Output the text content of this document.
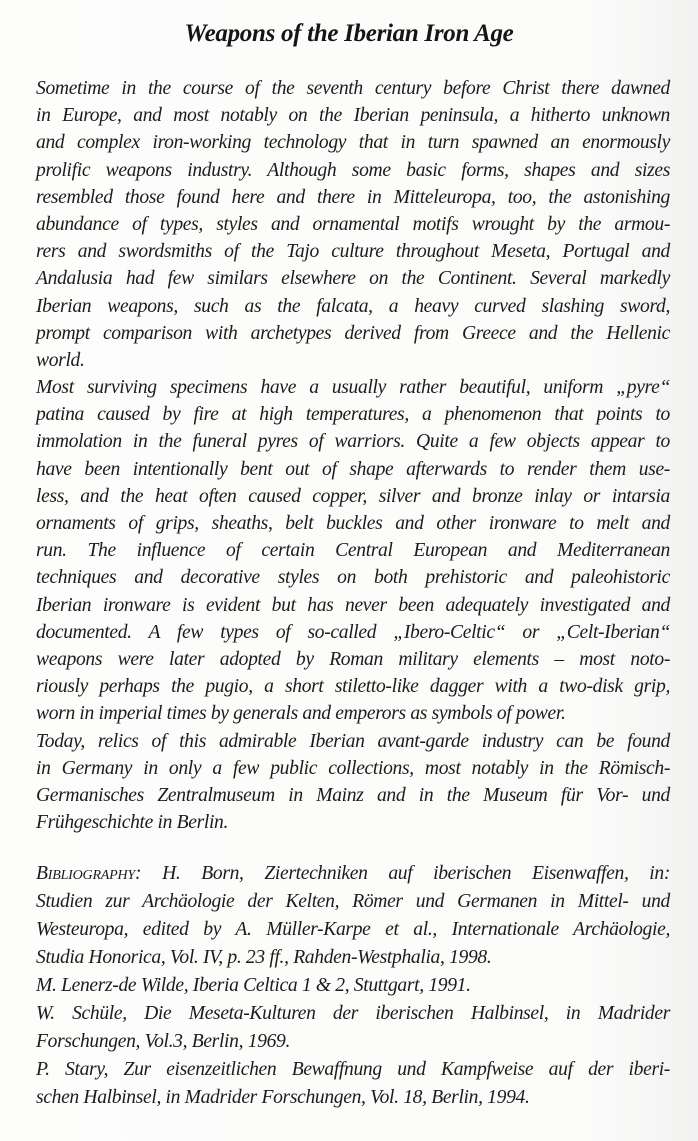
Weapons of the Iberian Iron Age
Sometime in the course of the seventh century before Christ there dawned
in Europe, and most notably on the Iberian peninsula, a hitherto unknown
and complex iron-working technology that in turn spawned an enormously
prolific weapons industry. Although some basic forms, shapes and sizes
resembled those found here and there in Mitteleuropa, too, the astonishing
abundance of types, styles and ornamental motifs wrought by the armou-
rers and swordsmiths of the Tajo culture throughout Meseta, Portugal and
Andalusia had few similars elsewhere on the Continent. Several markedly
Iberian weapons, such as the falcata, a heavy curved slashing sword,
prompt comparison with archetypes derived from Greece and the Hellenic
world.
Most surviving specimens have a usually rather beautiful, uniform „pyre“
patina caused by fire at high temperatures, a phenomenon that points to
immolation in the funeral pyres of warriors. Quite a few objects appear to
have been intentionally bent out of shape afterwards to render them use-
less, and the heat often caused copper, silver and bronze inlay or intarsia
ornaments of grips, sheaths, belt buckles and other ironware to melt and
run. The influence of certain Central European and Mediterranean
techniques and decorative styles on both prehistoric and paleohistoric
Iberian ironware is evident but has never been adequately investigated and
documented. A few types of so-called „Ibero-Celtic“ or „Celt-Iberian“
weapons were later adopted by Roman military elements – most noto-
riously perhaps the pugio, a short stiletto-like dagger with a two-disk grip,
worn in imperial times by generals and emperors as symbols of power.
Today, relics of this admirable Iberian avant-garde industry can be found
in Germany in only a few public collections, most notably in the Römisch-
Germanisches Zentralmuseum in Mainz and in the Museum für Vor- und
Frühgeschichte in Berlin.
Bibliography: H. Born, Ziertechniken auf iberischen Eisenwaffen, in:
Studien zur Archäologie der Kelten, Römer und Germanen in Mittel- und
Westeuropa, edited by A. Müller-Karpe et al., Internationale Archäologie,
Studia Honorica, Vol. IV, p. 23 ff., Rahden-Westphalia, 1998.
M. Lenerz-de Wilde, Iberia Celtica 1 & 2, Stuttgart, 1991.
W. Schüle, Die Meseta-Kulturen der iberischen Halbinsel, in Madrider
Forschungen, Vol.3, Berlin, 1969.
P. Stary, Zur eisenzeitlichen Bewaffnung und Kampfweise auf der iberi-
schen Halbinsel, in Madrider Forschungen, Vol. 18, Berlin, 1994.
